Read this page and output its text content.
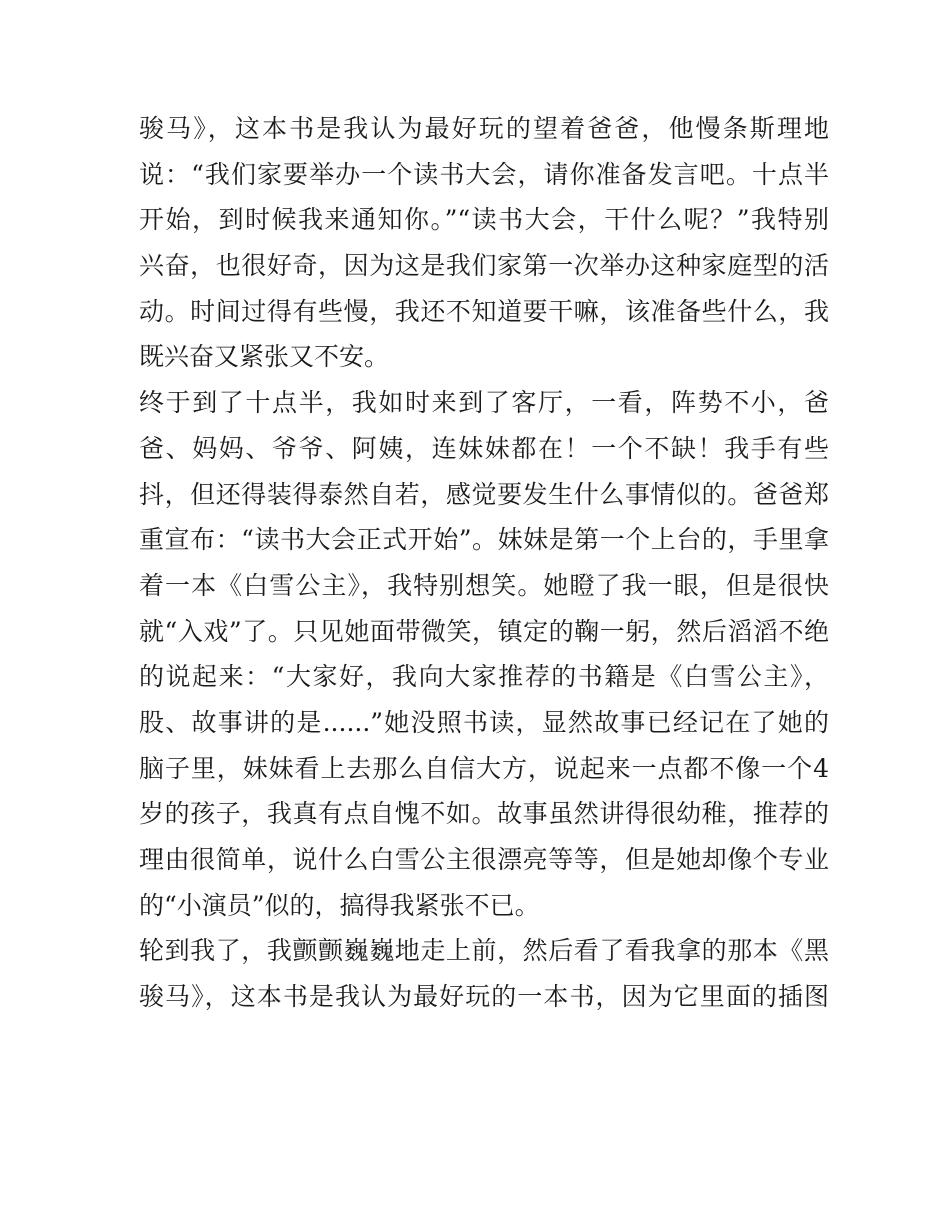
骏马》，这本书是我认为最好玩的望着爸爸，他慢条斯理地
说：“我们家要举办一个读书大会，请你准备发言吧。十点半
开始，到时候我来通知你。”“读书大会，干什么呢？”我特别
兴奋，也很好奇，因为这是我们家第一次举办这种家庭型的活
动。时间过得有些慢，我还不知道要干嘛，该准备些什么，我
既兴奋又紧张又不安。
终于到了十点半，我如时来到了客厅，一看，阵势不小，爸
爸、妈妈、爷爷、阿姨，连妹妹都在！一个不缺！我手有些
抖，但还得装得泰然自若，感觉要发生什么事情似的。爸爸郑
重宣布：“读书大会正式开始”。妹妹是第一个上台的，手里拿
着一本《白雪公主》，我特别想笑。她瞪了我一眼，但是很快
就“入戏”了。只见她面带微笑，镇定的鞠一躬，然后滔滔不绝
的说起来：“大家好，我向大家推荐的书籍是《白雪公主》，
股、故事讲的是......”她没照书读，显然故事已经记在了她的
脑子里，妹妹看上去那么自信大方，说起来一点都不像一个4
岁的孩子，我真有点自愧不如。故事虽然讲得很幼稚，推荐的
理由很简单，说什么白雪公主很漂亮等等，但是她却像个专业
的“小演员”似的，搞得我紧张不已。
轮到我了，我颤颤巍巍地走上前，然后看了看我拿的那本《黑
骏马》，这本书是我认为最好玩的一本书，因为它里面的插图
